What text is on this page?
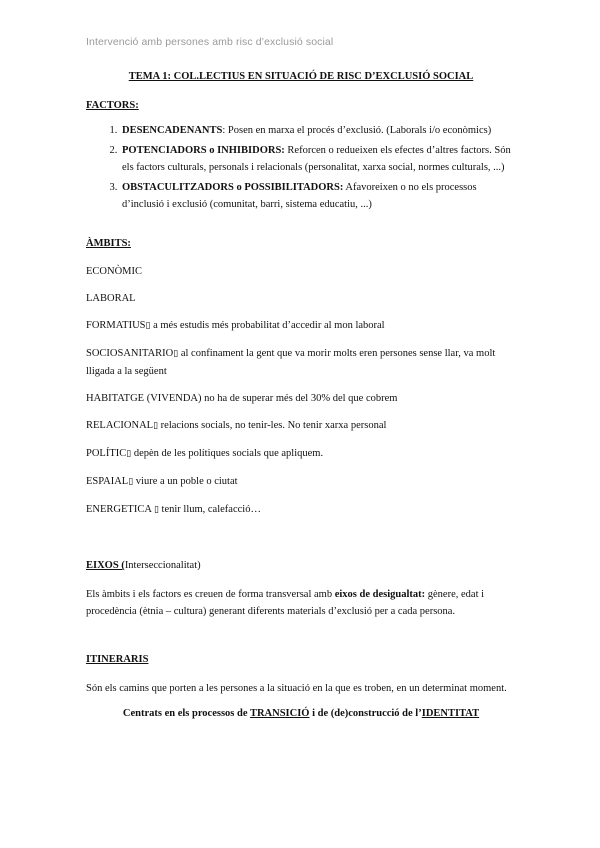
Intervenció amb persones amb risc d’exclusió social

TEMA 1: COL.LECTIUS EN SITUACIÓ DE RISC D’EXCLUSIÓ SOCIAL

FACTORS:

1. DESENCADENANTS: Posen en marxa el procés d’exclusió. (Laborals i/o econòmics)
2. POTENCIADORS o INHIBIDORS: Reforcen o redueixen els efectes d’altres factors. Són els factors culturals, personals i relacionals (personalitat, xarxa social, normes culturals, ...)
3. OBSTACULITZADORS o POSSIBILITADORS: Afavoreixen o no els processos d’inclusió i exclusió (comunitat, barri, sistema educatiu, ...)

ÀMBITS:

ECONÒMIC

LABORAL

FORMATIUS▯ a més estudis més probabilitat d’accedir al mon laboral

SOCIOSANITARIO▯ al confinament la gent que va morir molts eren persones sense llar, va molt lligada a la següent

HABITATGE (VIVENDA) no ha de superar més del 30% del que cobrem

RELACIONAL▯ relacions socials, no tenir-les. No tenir xarxa personal

POLÍTIC▯ depèn de les polítiques socials que apliquem.

ESPAIAL▯ viure a un poble o ciutat

ENERGETICA ▯ tenir llum, calefacció…

EIXOS (Interseccionalitat)

Els àmbits i els factors es creuen de forma transversal amb eixos de desigualtat: gènere, edat i procedència (ètnia – cultura) generant diferents materials d’exclusió per a cada persona.

ITINERARIS

Són els camins que porten a les persones a la situació en la que es troben, en un determinat moment.

Centrats en els processos de TRANSICIÓ i de (de)construcció de l’IDENTITAT
